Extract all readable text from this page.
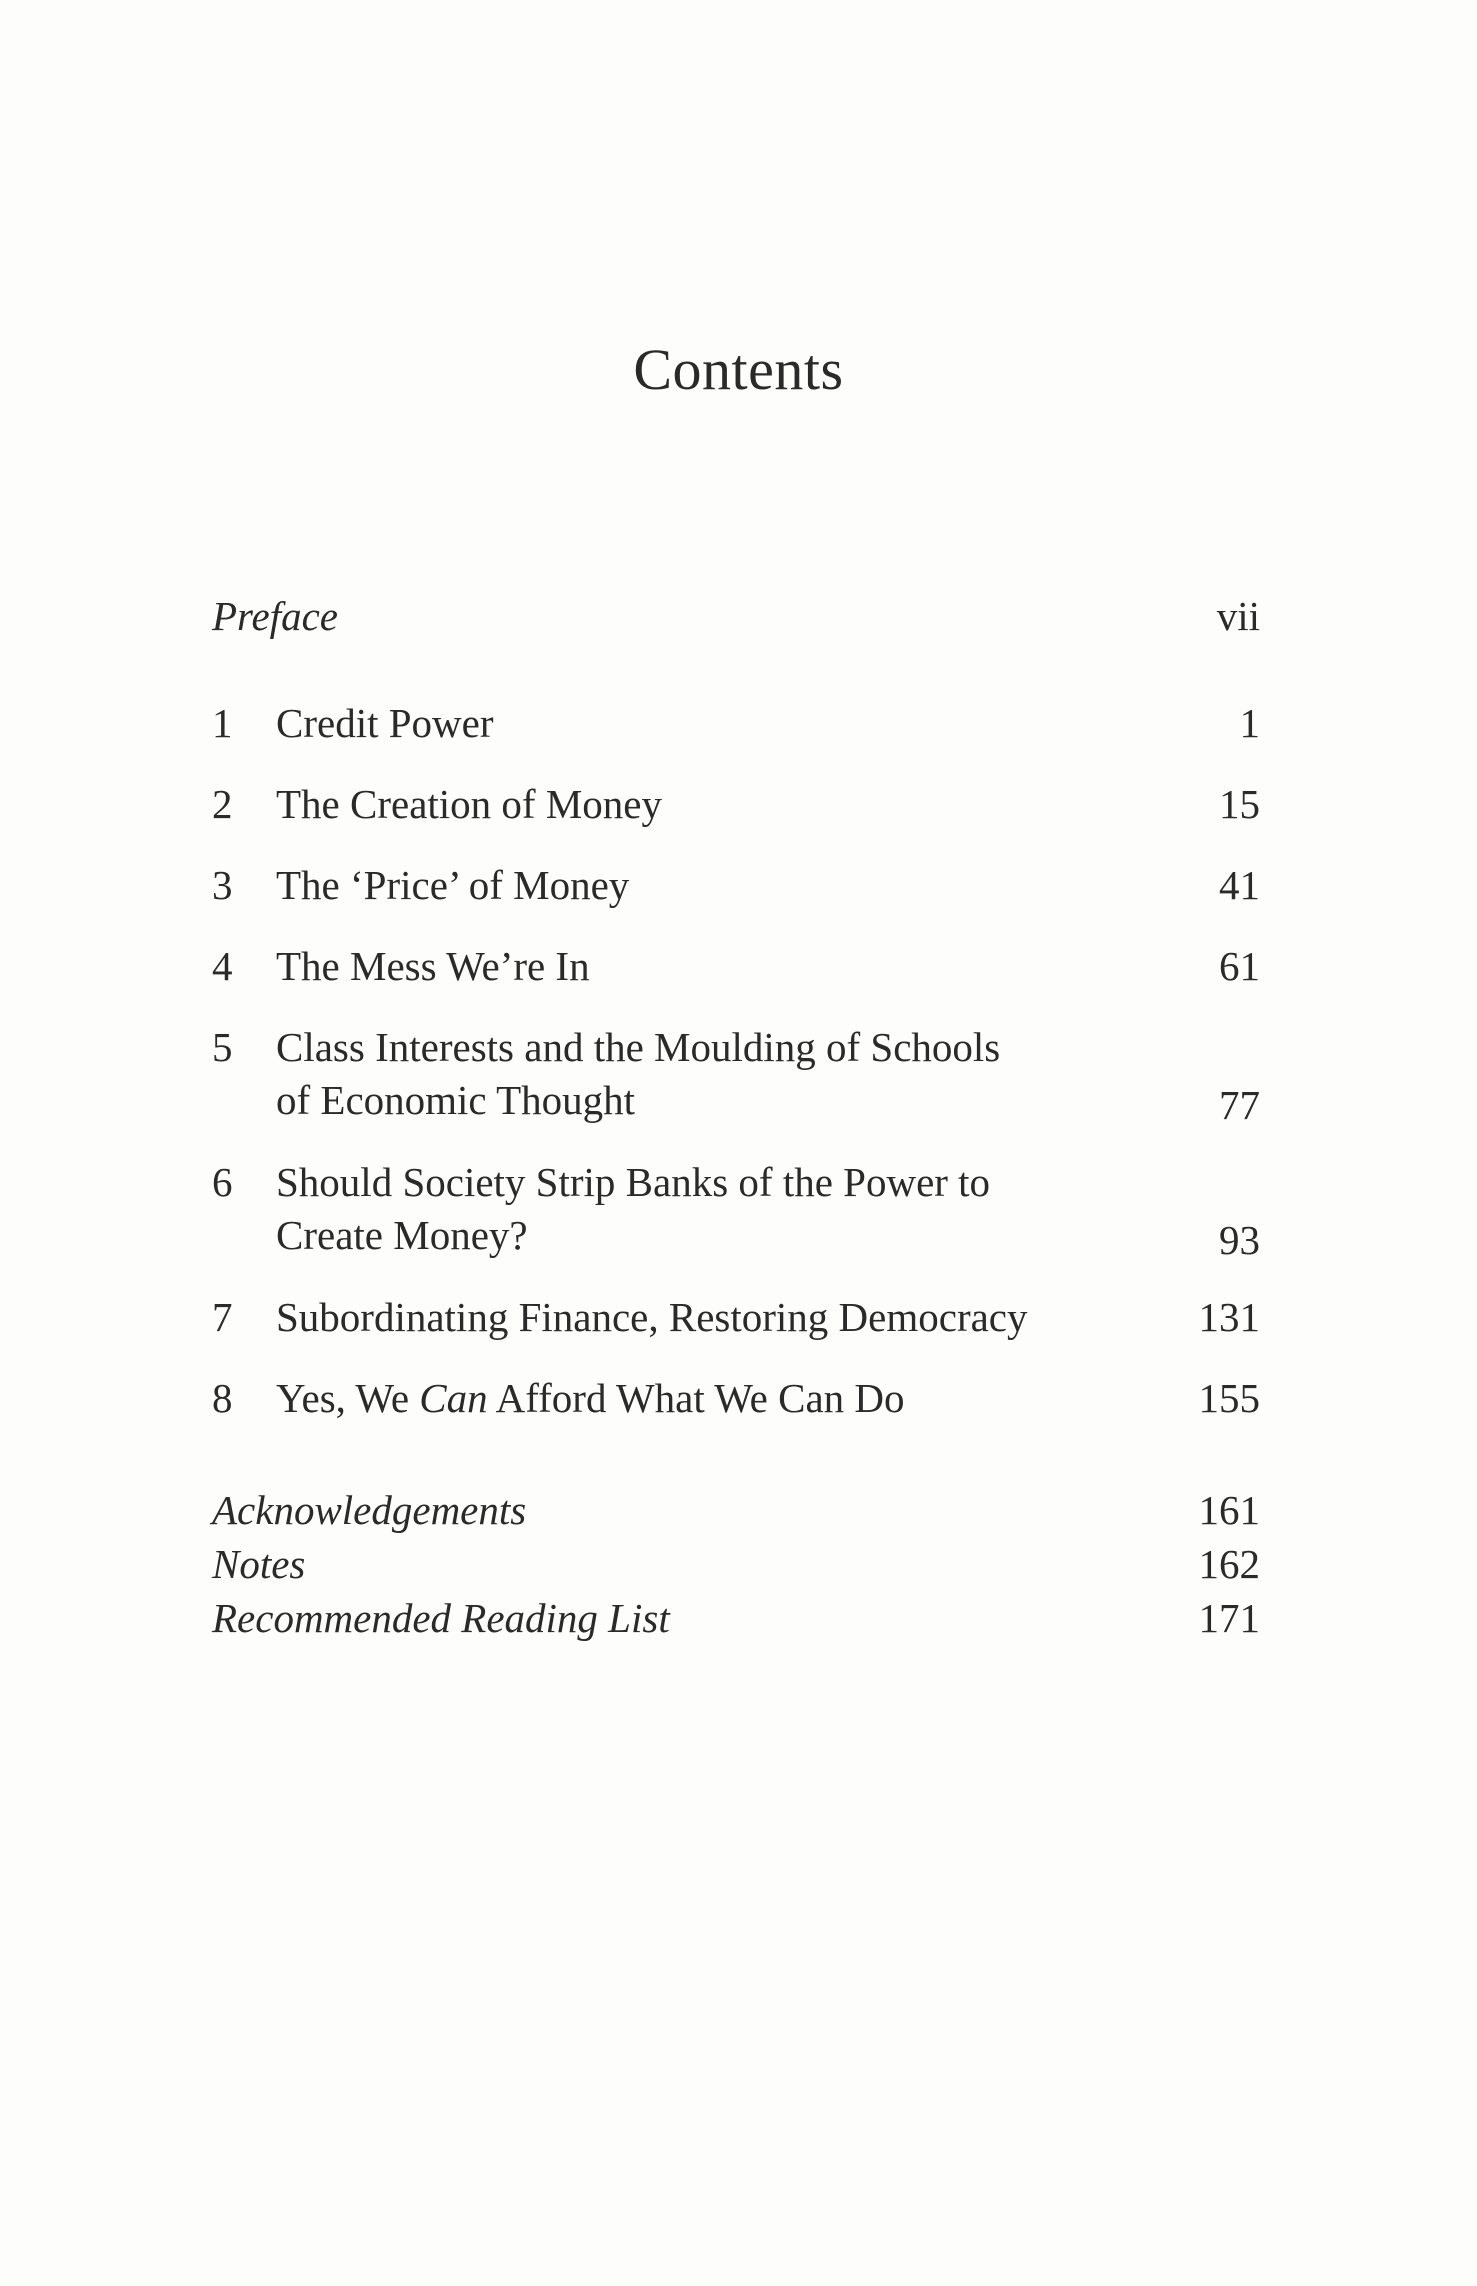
Contents
Preface	vii
1	Credit Power	1
2	The Creation of Money	15
3	The ‘Price’ of Money	41
4	The Mess We’re In	61
5	Class Interests and the Moulding of Schools
of Economic Thought	77
6	Should Society Strip Banks of the Power to
Create Money?	93
7	Subordinating Finance, Restoring Democracy	131
8	Yes, We Can Afford What We Can Do	155
Acknowledgements	161
Notes	162
Recommended Reading List	171
